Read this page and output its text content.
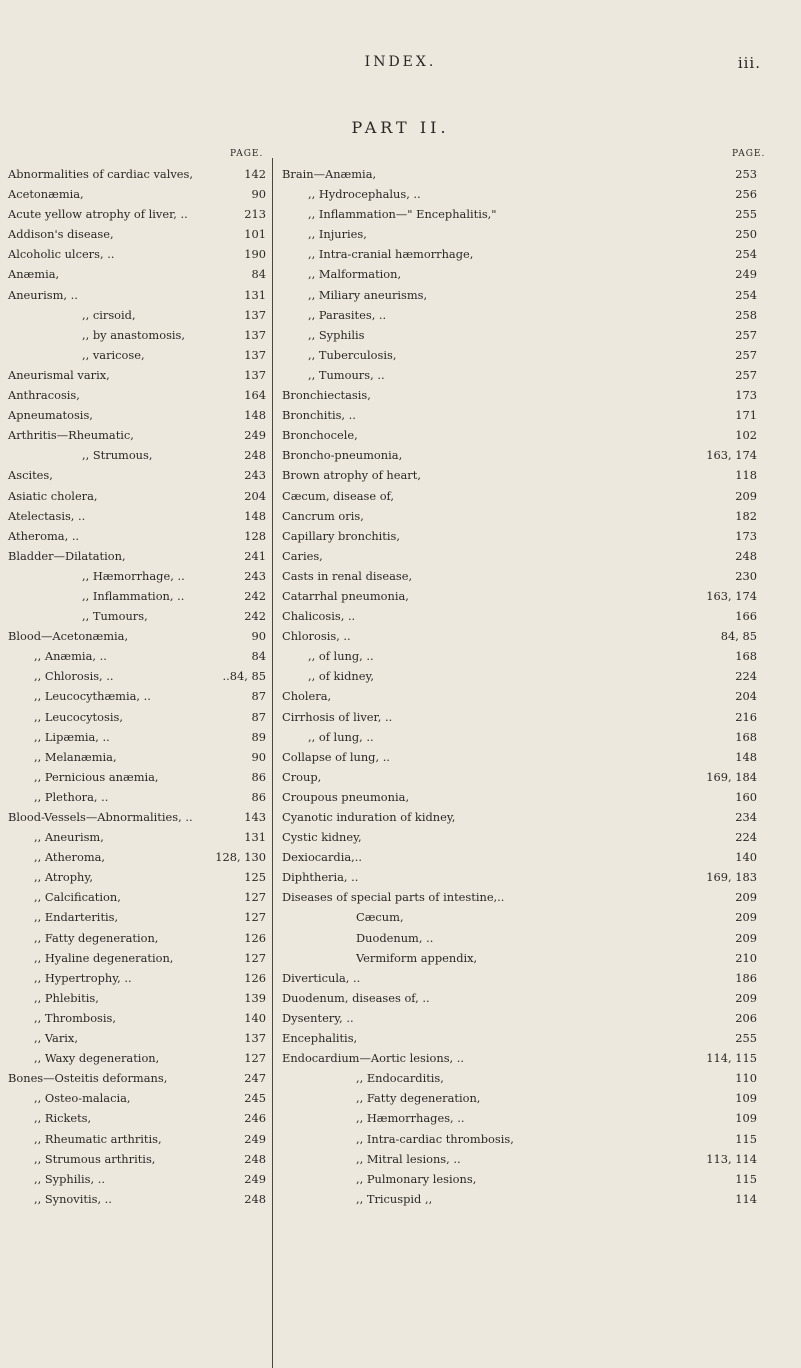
INDEX.	iii.
PART II.
PAGE.	PAGE.
Abnormalities of cardiac valves,	142
Acetonæmia,	90
Acute yellow atrophy of liver, ..	213
Addison's disease,	101
Alcoholic ulcers, ..	190
Anæmia,	84
Aneurism, ..	131
,, cirsoid,	137
,, by anastomosis,	137
,, varicose,	137
Aneurismal varix,	137
Anthracosis,	164
Apneumatosis,	148
Arthritis—Rheumatic,	249
,, Strumous,	248
Ascites,	243
Asiatic cholera,	204
Atelectasis, ..	148
Atheroma, ..	128
Bladder—Dilatation,	241
,, Hæmorrhage, ..	243
,, Inflammation, ..	242
,, Tumours,	242
Blood—Acetonæmia,	90
,, Anæmia, ..	84
,, Chlorosis, ..	..84, 85
,, Leucocythæmia, ..	87
,, Leucocytosis,	87
,, Lipæmia, ..	89
,, Melanæmia,	90
,, Pernicious anæmia,	86
,, Plethora, ..	86
Blood-Vessels—Abnormalities, ..	143
,, Aneurism,	131
,, Atheroma,	128, 130
,, Atrophy,	125
,, Calcification,	127
,, Endarteritis,	127
,, Fatty degeneration,	126
,, Hyaline degeneration,	127
,, Hypertrophy, ..	126
,, Phlebitis,	139
,, Thrombosis,	140
,, Varix,	137
,, Waxy degeneration,	127
Bones—Osteitis deformans,	247
,, Osteo-malacia,	245
,, Rickets,	246
,, Rheumatic arthritis,	249
,, Strumous arthritis,	248
,, Syphilis, ..	249
,, Synovitis, ..	248
Brain—Anæmia,	253
,, Hydrocephalus, ..	256
,, Inflammation—" Encephalitis,"	255
,, Injuries,	250
,, Intra-cranial hæmorrhage,	254
,, Malformation,	249
,, Miliary aneurisms,	254
,, Parasites, ..	258
,, Syphilis	257
,, Tuberculosis,	257
,, Tumours, ..	257
Bronchiectasis,	173
Bronchitis, ..	171
Bronchocele,	102
Broncho-pneumonia,	163, 174
Brown atrophy of heart,	118
Cæcum, disease of,	209
Cancrum oris,	182
Capillary bronchitis,	173
Caries,	248
Casts in renal disease,	230
Catarrhal pneumonia,	163, 174
Chalicosis, ..	166
Chlorosis, ..	84, 85
,, of lung, ..	168
,, of kidney,	224
Cholera,	204
Cirrhosis of liver, ..	216
,, of lung, ..	168
Collapse of lung, ..	148
Croup,	169, 184
Croupous pneumonia,	160
Cyanotic induration of kidney,	234
Cystic kidney,	224
Dexiocardia,..	140
Diphtheria, ..	169, 183
Diseases of special parts of intestine,..	209
Cæcum,	209
Duodenum, ..	209
Vermiform appendix,	210
Diverticula, ..	186
Duodenum, diseases of, ..	209
Dysentery, ..	206
Encephalitis,	255
Endocardium—Aortic lesions, ..	114, 115
,, Endocarditis,	110
,, Fatty degeneration,	109
,, Hæmorrhages, ..	109
,, Intra-cardiac thrombosis,	115
,, Mitral lesions, ..	113, 114
,, Pulmonary lesions,	115
,, Tricuspid ,,	114
